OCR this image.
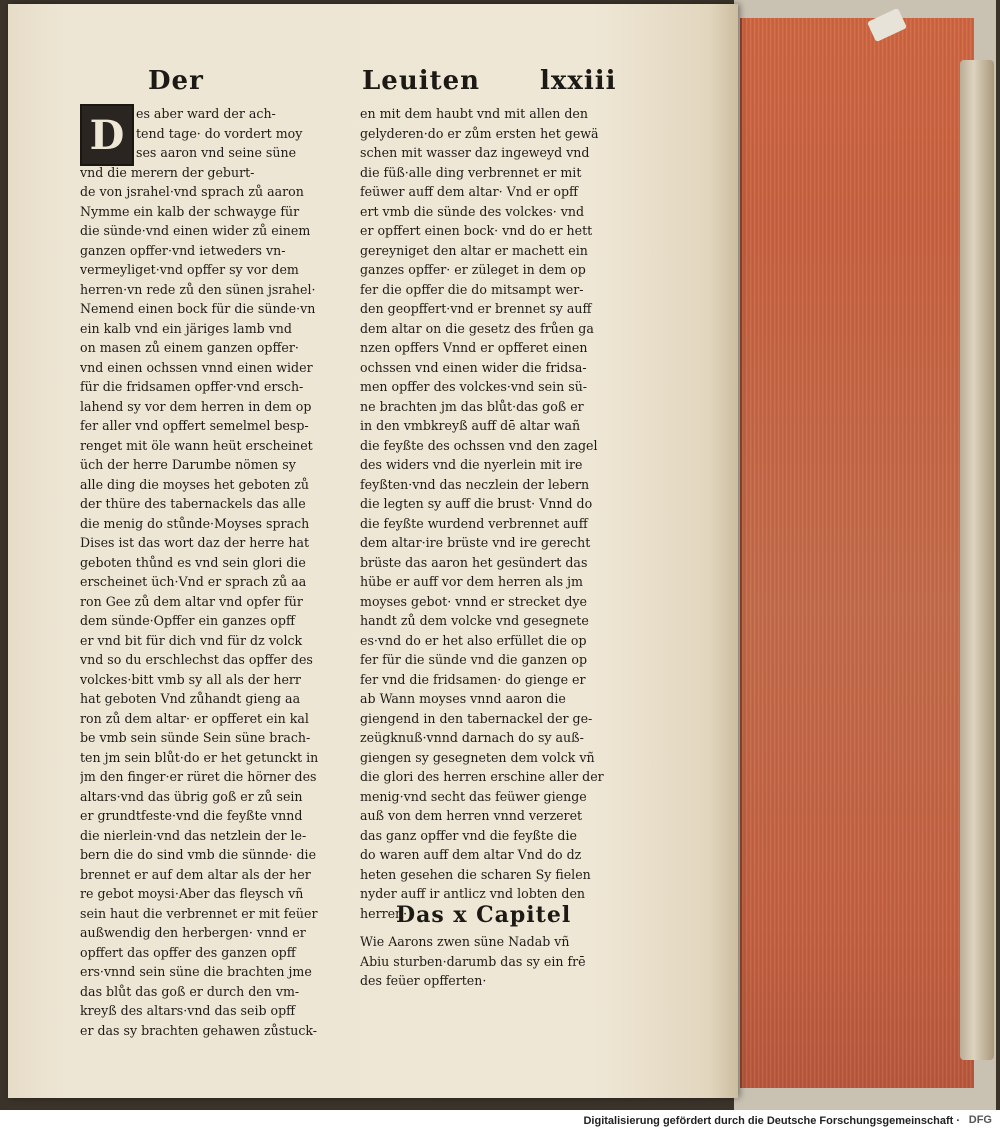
Der	Leuiten lxxiii
D es aber ward der ach-
tend tage· do vordert moy
ses aaron vnd seine süne
vnd die merern der geburt-
de von jsrahel·vnd sprach zů aaron
Nymme ein kalb der schwayge für
die sünde·vnd einen wider zů einem
ganzen opffer·vnd ietweders vn-
vermeyliget·vnd opffer sy vor dem
herren·vn rede zů den sünen jsrahel·
Nemend einen bock für die sünde·vn
ein kalb vnd ein järiges lamb vnd
on masen zů einem ganzen opffer·
vnd einen ochssen vnnd einen wider
für die fridsamen opffer·vnd ersch-
lahend sy vor dem herren in dem op
fer aller vnd opffert semelmel besp-
renget mit öle wann heüt erscheinet
üch der herre Darumbe nömen sy
alle ding die moyses het geboten zů
der thüre des tabernackels das alle
die menig do stůnde·Moyses sprach
Dises ist das wort daz der herre hat
geboten thůnd es vnd sein glori die
erscheinet üch·Vnd er sprach zů aa
ron Gee zů dem altar vnd opfer für
dem sünde·Opffer ein ganzes opff
er vnd bit für dich vnd für dz volck
vnd so du erschlechst das opffer des
volckes·bitt vmb sy all als der herr
hat geboten Vnd zůhandt gieng aa
ron zů dem altar· er opfferet ein kal
be vmb sein sünde Sein süne brach-
ten jm sein blůt·do er het getunckt in
jm den finger·er rüret die hörner des
altars·vnd das übrig goß er zů sein
er grundtfeste·vnd die feyßte vnnd
die nierlein·vnd das netzlein der le-
bern die do sind vmb die sünnde· die
brennet er auf dem altar als der her
re gebot moysi·Aber das fleysch vñ
sein haut die verbrennet er mit feüer
außwendig den herbergen· vnnd er
opffert das opffer des ganzen opff
ers·vnnd sein süne die brachten jme
das blůt das goß er durch den vm-
kreyß des altars·vnd das seib opff
er das sy brachten gehawen zůstuck-
en mit dem haubt vnd mit allen den
gelyderen·do er zům ersten het gewä
schen mit wasser daz ingeweyd vnd
die füß·alle ding verbrennet er mit
feüwer auff dem altar· Vnd er opff
ert vmb die sünde des volckes· vnd
er opffert einen bock· vnd do er hett
gereyniget den altar er machett ein
ganzes opffer· er züleget in dem op
fer die opffer die do mitsampt wer-
den geopffert·vnd er brennet sy auff
dem altar on die gesetz des frůen ga
nzen opffers Vnnd er opfferet einen
ochssen vnd einen wider die fridsa-
men opffer des volckes·vnd sein sü-
ne brachten jm das blůt·das goß er
in den vmbkreyß auff dē altar wañ
die feyßte des ochssen vnd den zagel
des widers vnd die nyerlein mit ire
feyßten·vnd das neczlein der lebern
die legten sy auff die brust· Vnnd do
die feyßte wurdend verbrennet auff
dem altar·ire brüste vnd ire gerecht
brüste das aaron het gesündert das
hübe er auff vor dem herren als jm
moyses gebot· vnnd er strecket dye
handt zů dem volcke vnd gesegnete
es·vnd do er het also erfüllet die op
fer für die sünde vnd die ganzen op
fer vnd die fridsamen· do gienge er
ab Wann moyses vnnd aaron die
giengend in den tabernackel der ge-
zeügknuß·vnnd darnach do sy auß-
giengen sy gesegneten dem volck vñ
die glori des herren erschine aller der
menig·vnd secht das feüwer gienge
auß von dem herren vnnd verzeret
das ganz opffer vnd die feyßte die
do waren auff dem altar Vnd do dz
heten gesehen die scharen Sy fielen
nyder auff ir antlicz vnd lobten den
herren·
Das x Capitel
Wie Aarons zwen süne Nadab vñ
Abiu sturben·darumb das sy ein frē
des feüer opfferten·
Digitalisierung gefördert durch die Deutsche Forschungsgemeinschaft · DFG
